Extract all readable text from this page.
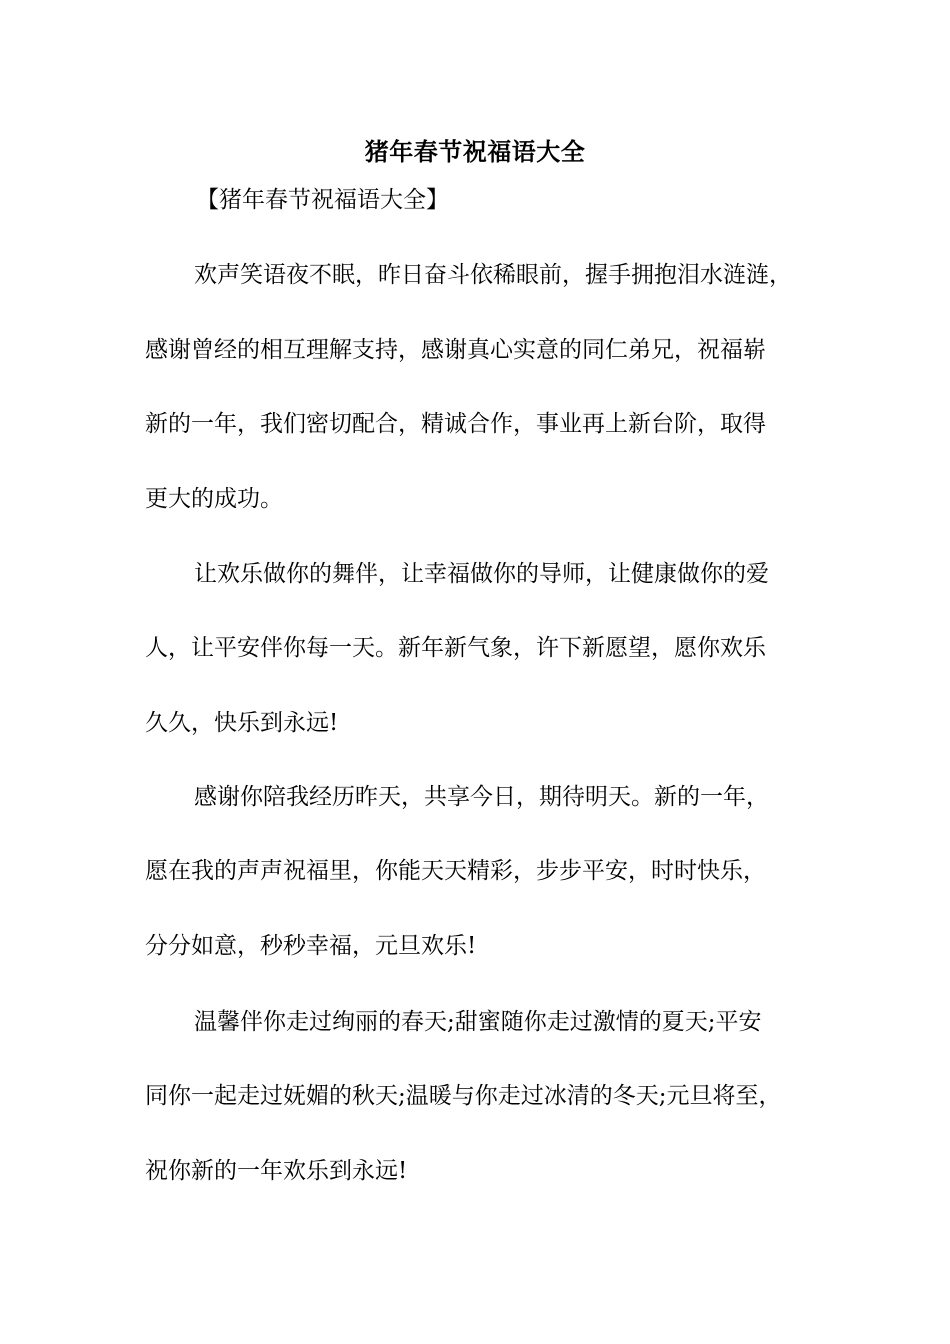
猪年春节祝福语大全
【猪年春节祝福语大全】
欢声笑语夜不眠，昨日奋斗依稀眼前，握手拥抱泪水涟涟，
感谢曾经的相互理解支持，感谢真心实意的同仁弟兄，祝福崭
新的一年，我们密切配合，精诚合作，事业再上新台阶，取得
更大的成功。
让欢乐做你的舞伴，让幸福做你的导师，让健康做你的爱
人，让平安伴你每一天。新年新气象，许下新愿望，愿你欢乐
久久，快乐到永远!
感谢你陪我经历昨天，共享今日，期待明天。新的一年，
愿在我的声声祝福里，你能天天精彩，步步平安，时时快乐，
分分如意，秒秒幸福，元旦欢乐!
温馨伴你走过绚丽的春天;甜蜜随你走过激情的夏天;平安
同你一起走过妩媚的秋天;温暖与你走过冰清的冬天;元旦将至，
祝你新的一年欢乐到永远!
